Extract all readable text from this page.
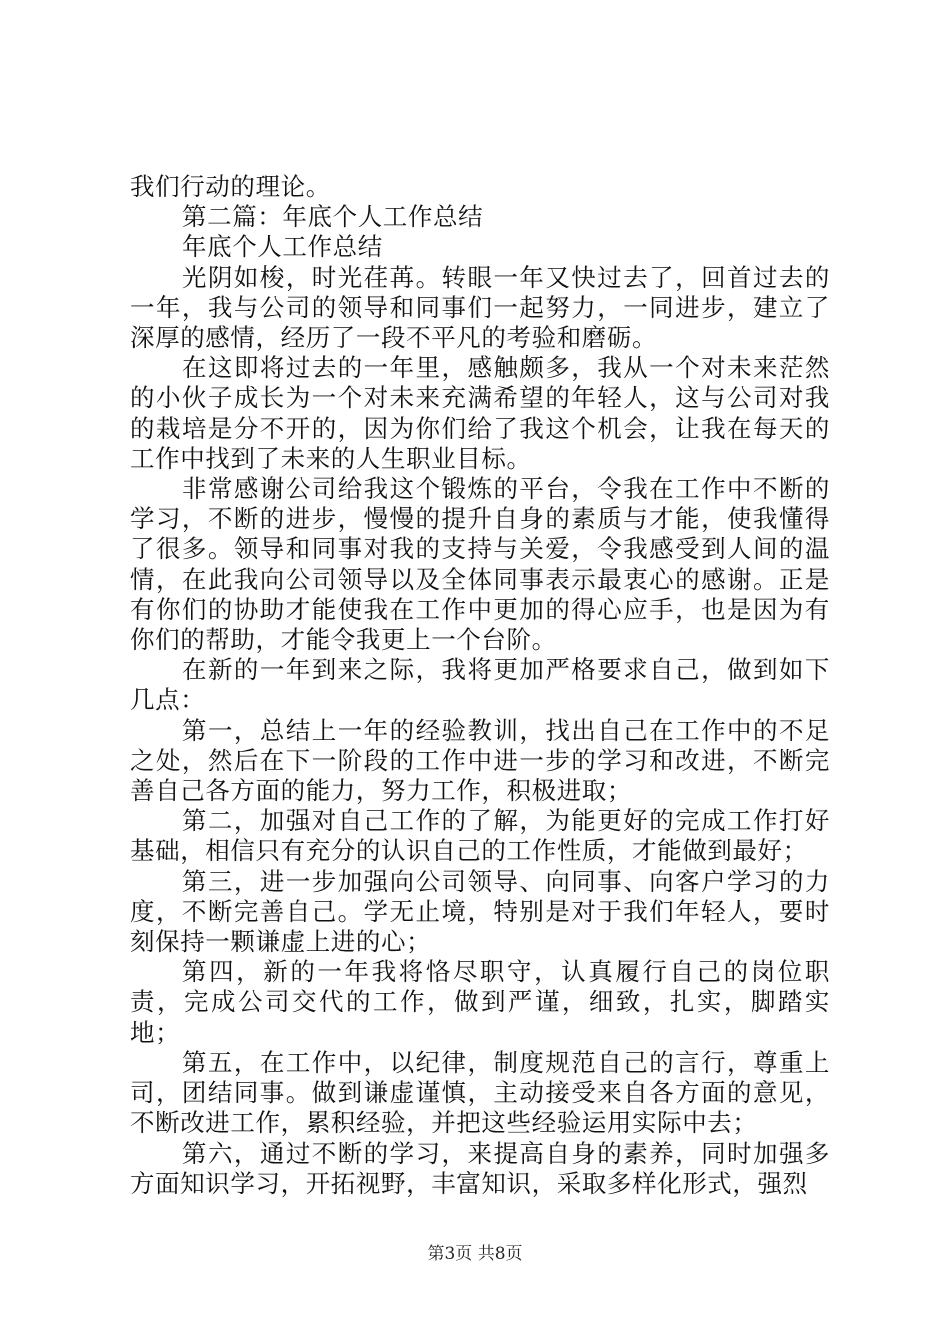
我们行动的理论。

第二篇：年底个人工作总结

年底个人工作总结

光阴如梭，时光荏苒。转眼一年又快过去了，回首过去的一年，我与公司的领导和同事们一起努力，一同进步，建立了深厚的感情，经历了一段不平凡的考验和磨砺。

在这即将过去的一年里，感触颇多，我从一个对未来茫然的小伙子成长为一个对未来充满希望的年轻人，这与公司对我的栽培是分不开的，因为你们给了我这个机会，让我在每天的工作中找到了未来的人生职业目标。

非常感谢公司给我这个锻炼的平台，令我在工作中不断的学习，不断的进步，慢慢的提升自身的素质与才能，使我懂得了很多。领导和同事对我的支持与关爱，令我感受到人间的温情，在此我向公司领导以及全体同事表示最衷心的感谢。正是有你们的协助才能使我在工作中更加的得心应手，也是因为有你们的帮助，才能令我更上一个台阶。

在新的一年到来之际，我将更加严格要求自己，做到如下几点：

第一，总结上一年的经验教训，找出自己在工作中的不足之处，然后在下一阶段的工作中进一步的学习和改进，不断完善自己各方面的能力，努力工作，积极进取；

第二，加强对自己工作的了解，为能更好的完成工作打好基础，相信只有充分的认识自己的工作性质，才能做到最好；

第三，进一步加强向公司领导、向同事、向客户学习的力度，不断完善自己。学无止境，特别是对于我们年轻人，要时刻保持一颗谦虚上进的心；

第四，新的一年我将恪尽职守，认真履行自己的岗位职责，完成公司交代的工作，做到严谨，细致，扎实，脚踏实地；

第五，在工作中，以纪律，制度规范自己的言行，尊重上司，团结同事。做到谦虚谨慎，主动接受来自各方面的意见，不断改进工作，累积经验，并把这些经验运用实际中去；

第六，通过不断的学习，来提高自身的素养，同时加强多方面知识学习，开拓视野，丰富知识，采取多样化形式，强烈

第3页 共8页
